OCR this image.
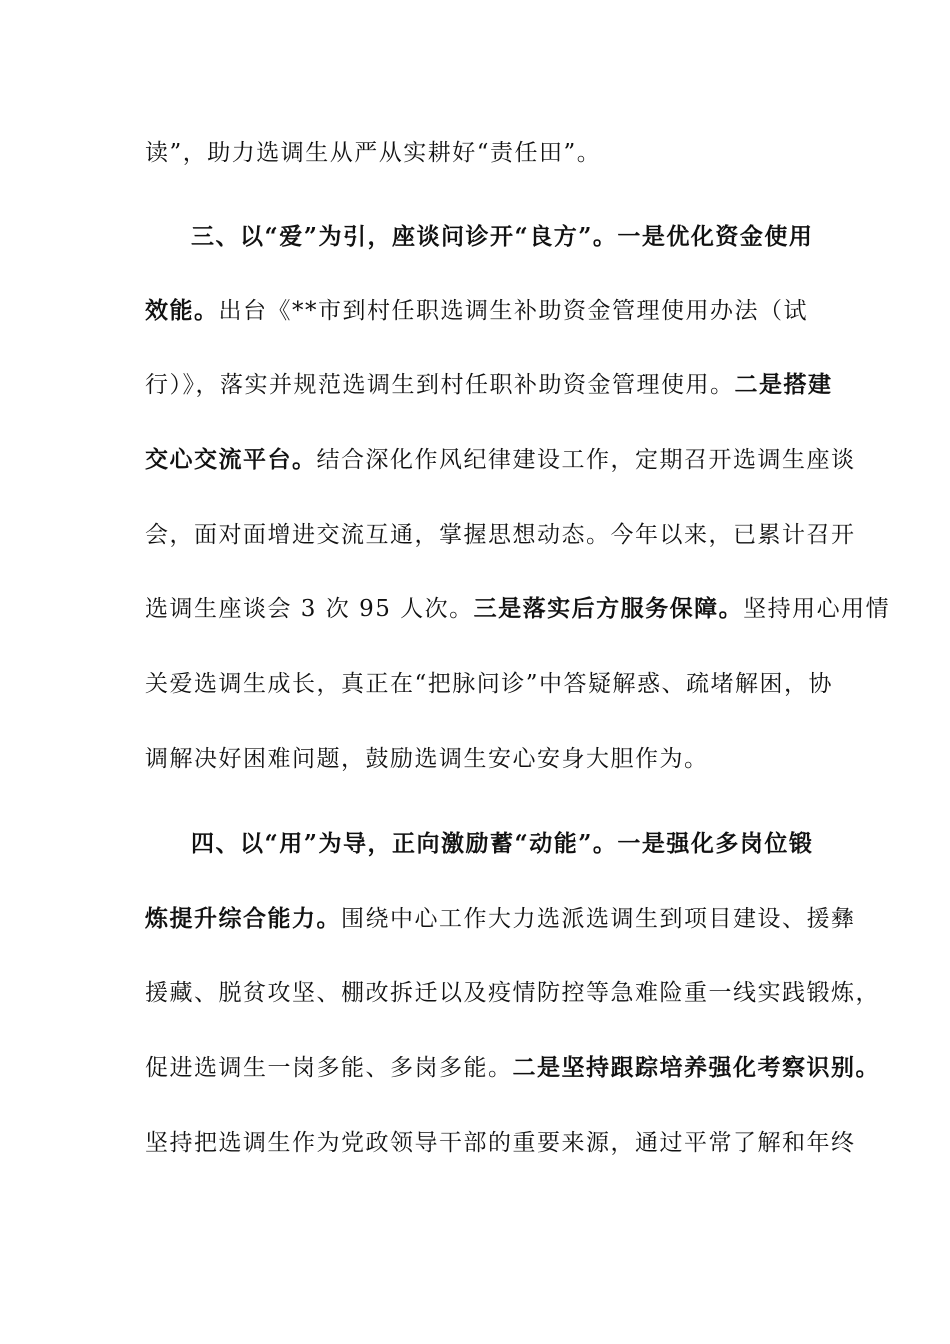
读”，助力选调生从严从实耕好“责任田”。
三、以“爱”为引，座谈问诊开“良方”。一是优化资金使用
效能。出台《**市到村任职选调生补助资金管理使用办法（试
行）》，落实并规范选调生到村任职补助资金管理使用。二是搭建
交心交流平台。结合深化作风纪律建设工作，定期召开选调生座谈
会，面对面增进交流互通，掌握思想动态。今年以来，已累计召开
选调生座谈会 3 次 95 人次。三是落实后方服务保障。坚持用心用情
关爱选调生成长，真正在“把脉问诊”中答疑解惑、疏堵解困，协
调解决好困难问题，鼓励选调生安心安身大胆作为。
四、以“用”为导，正向激励蓄“动能”。一是强化多岗位锻
炼提升综合能力。围绕中心工作大力选派选调生到项目建设、援彝
援藏、脱贫攻坚、棚改拆迁以及疫情防控等急难险重一线实践锻炼，
促进选调生一岗多能、多岗多能。二是坚持跟踪培养强化考察识别。
坚持把选调生作为党政领导干部的重要来源，通过平常了解和年终
